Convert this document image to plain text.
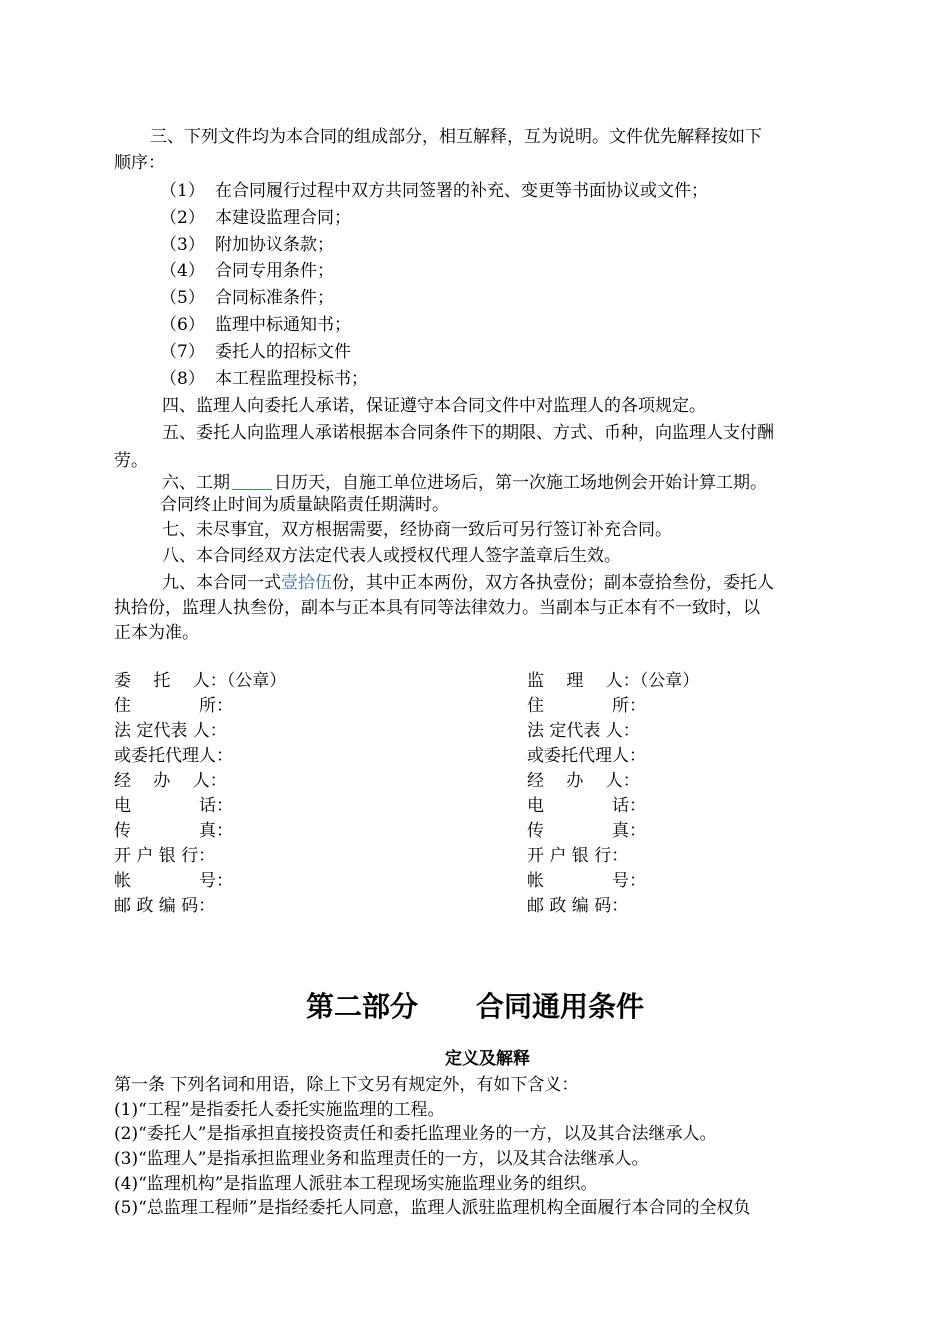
三、下列文件均为本合同的组成部分，相互解释，互为说明。文件优先解释按如下
顺序：
（1） 在合同履行过程中双方共同签署的补充、变更等书面协议或文件；
（2） 本建设监理合同；
（3） 附加协议条款；
（4） 合同专用条件；
（5） 合同标准条件；
（6） 监理中标通知书；
（7） 委托人的招标文件
（8） 本工程监理投标书；
四、监理人向委托人承诺，保证遵守本合同文件中对监理人的各项规定。
五、委托人向监理人承诺根据本合同条件下的期限、方式、币种，向监理人支付酬
劳。
六、工期	日历天，自施工单位进场后，第一次施工场地例会开始计算工期。
合同终止时间为质量缺陷责任期满时。
七、未尽事宜，双方根据需要，经协商一致后可另行签订补充合同。
八、本合同经双方法定代表人或授权代理人签字盖章后生效。
九、本合同一式壹拾伍份，其中正本两份，双方各执壹份；副本壹拾叁份，委托人
执拾份，监理人执叁份，副本与正本具有同等法律效力。当副本与正本有不一致时，以
正本为准。
委　 托　 人：（公章）
住　　　　所：
法 定代表 人：
或委托代理人：
经　 办　 人：
电　　　　话：
传　　　　真：
开 户 银 行：
帐　　　　号：
邮 政 编 码：
监　 理　 人：（公章）
住　　　　所：
法 定代表 人：
或委托代理人：
经　 办　 人：
电　　　　话：
传　　　　真：
开 户 银 行：
帐　　　　号：
邮 政 编 码：
第二部分 合同通用条件
定义及解释
第一条 下列名词和用语，除上下文另有规定外，有如下含义：
(1)“工程”是指委托人委托实施监理的工程。
(2)“委托人”是指承担直接投资责任和委托监理业务的一方，以及其合法继承人。
(3)“监理人”是指承担监理业务和监理责任的一方，以及其合法继承人。
(4)“监理机构”是指监理人派驻本工程现场实施监理业务的组织。
(5)“总监理工程师”是指经委托人同意，监理人派驻监理机构全面履行本合同的全权负
